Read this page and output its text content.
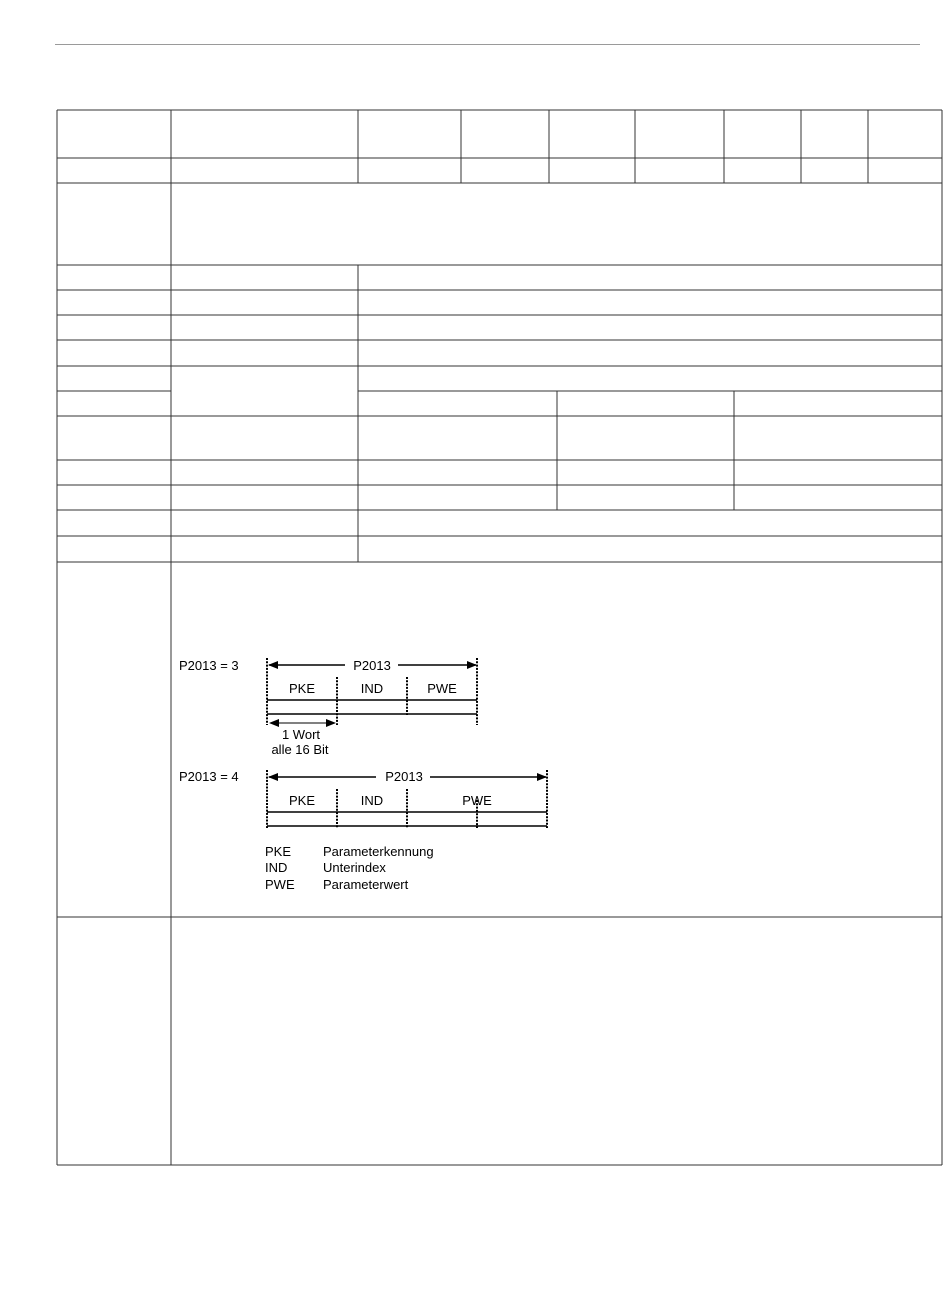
P2013 = 3	P2013
PKE	IND	PWE
1 Wort
alle 16 Bit
P2013 = 4	P2013
PKE	IND	PWE
PKE Parameterkennung
IND	Unterindex
PWE Parameterwert
